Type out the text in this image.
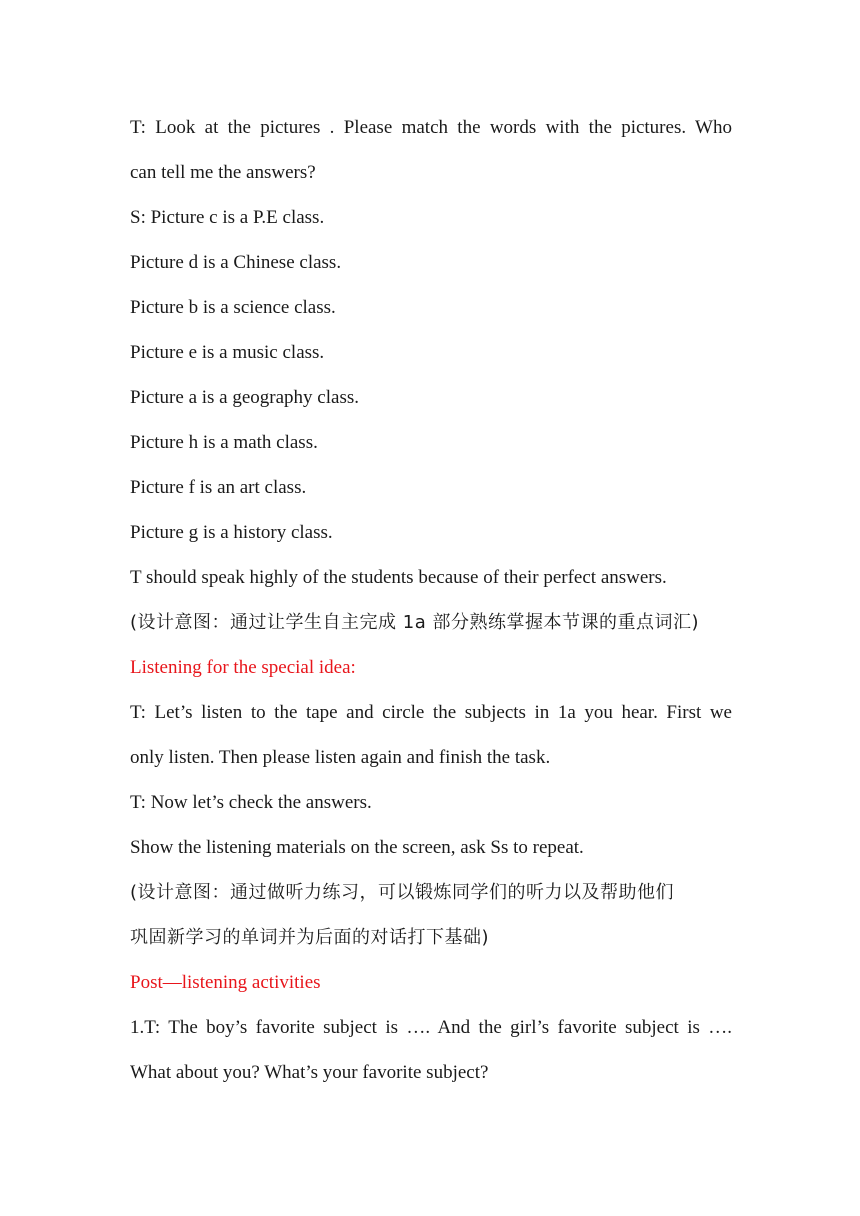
T: Look at the pictures . Please match the words with the pictures. Who
can tell me the answers?
S: Picture c is a P.E class.
Picture d is a Chinese class.
Picture b is a science class.
Picture e is a music class.
Picture a is a geography class.
Picture h is a math class.
Picture f is an art class.
Picture g is a history class.
T should speak highly of the students because of their perfect answers.
(设计意图：通过让学生自主完成 1a 部分熟练掌握本节课的重点词汇)
Listening for the special idea:
T: Let’s listen to the tape and circle the subjects in 1a you hear. First we
only listen. Then please listen again and finish the task.
T: Now let’s check the answers.
Show the listening materials on the screen, ask Ss to repeat.
(设计意图：通过做听力练习，可以锻炼同学们的听力以及帮助他们
巩固新学习的单词并为后面的对话打下基础)
Post—listening activities
1.T: The boy’s favorite subject is …. And the girl’s favorite subject is ….
What about you? What’s your favorite subject?
